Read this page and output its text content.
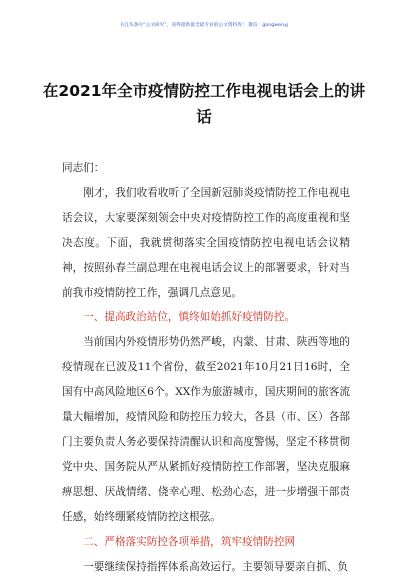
关注头条号“公文研究”，获得最新最全最专业的公文资料库！ 微信：gongwenyj
在2021年全市疫情防控工作电视电话会上的讲话

同志们：

刚才，我们收看收听了全国新冠肺炎疫情防控工作电视电话会议，大家要深刻领会中央对疫情防控工作的高度重视和坚决态度。下面，我就贯彻落实全国疫情防控电视电话会议精神，按照孙春兰副总理在电视电话会议上的部署要求，针对当前我市疫情防控工作，强调几点意见。

一、提高政治站位，慎终如始抓好疫情防控。

当前国内外疫情形势仍然严峻，内蒙、甘肃、陕西等地的疫情现在已波及11个省份，截至2021年10月21日16时，全国有中高风险地区6个。XX作为旅游城市，国庆期间的旅客流量大幅增加，疫情风险和防控压力较大，各县（市、区）各部门主要负责人务必要保持清醒认识和高度警惕，坚定不移贯彻党中央、国务院从严从紧抓好疫情防控工作部署，坚决克服麻痹思想、厌战情绪、侥幸心理、松劲心态，进一步增强干部责任感，始终绷紧疫情防控这根弦。

二、严格落实防控各项举措，筑牢疫情防控网

一要继续保持指挥体系高效运行。主要领导要亲自抓、负
